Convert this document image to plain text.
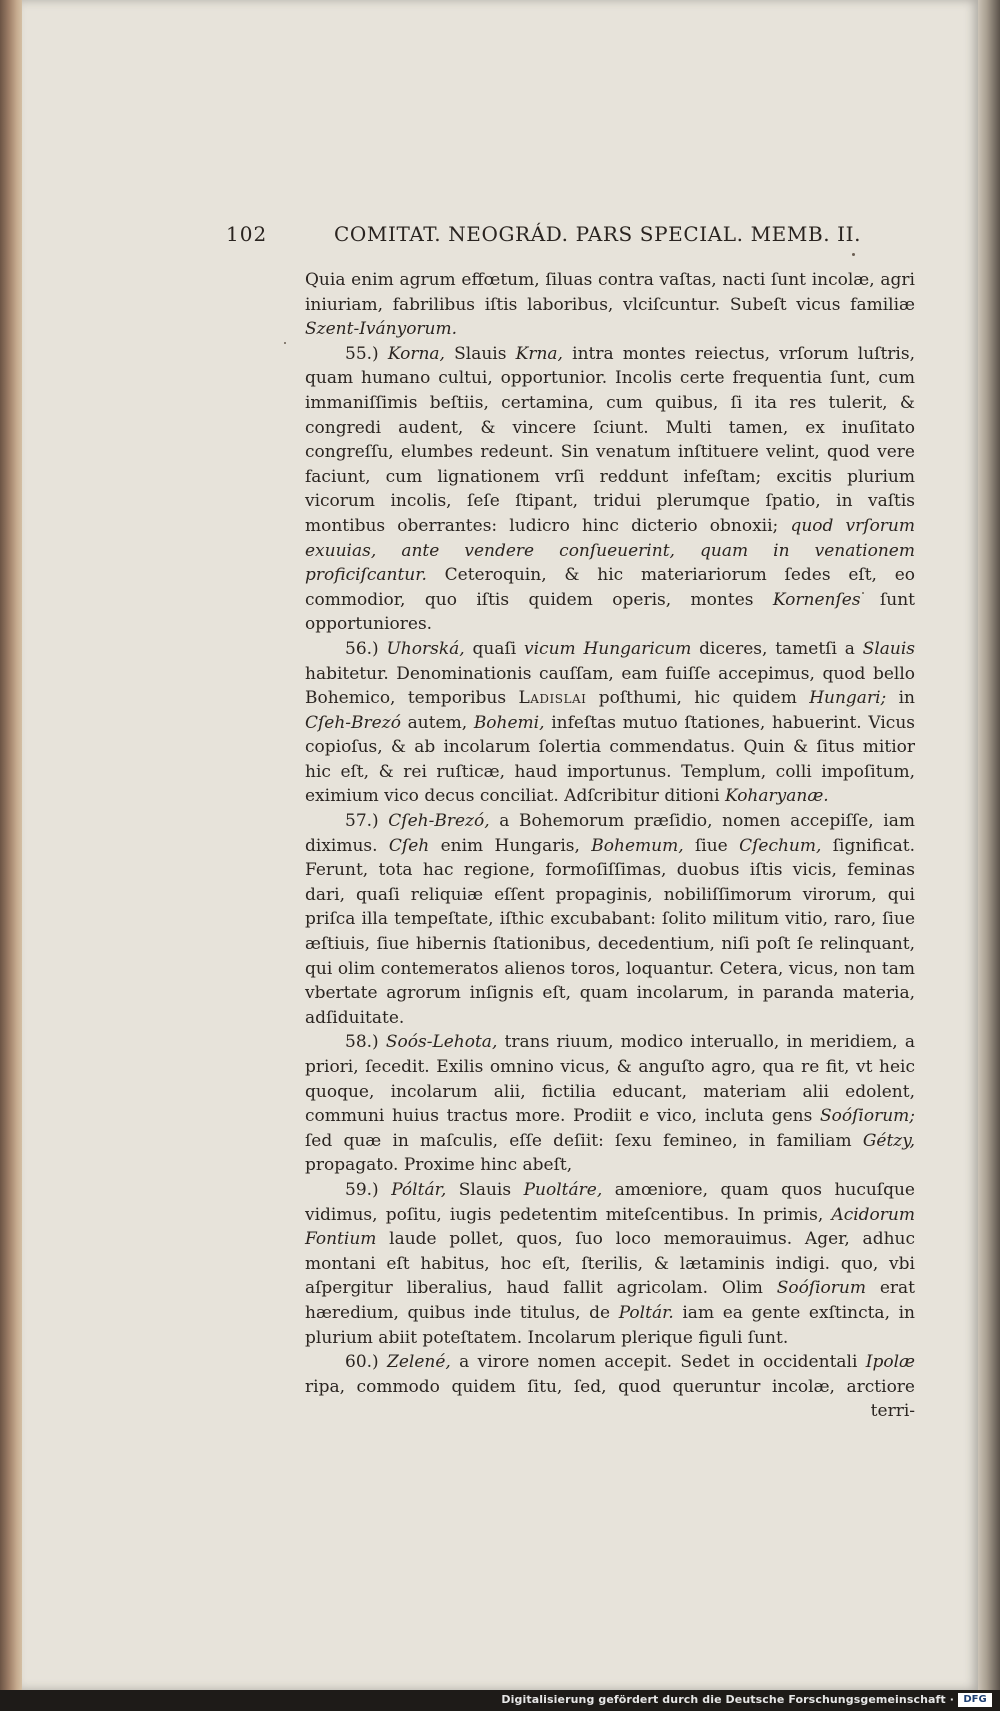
102	COMITAT. NEOGRÁD. PARS SPECIAL. MEMB. II.

Quia enim agrum effœtum, ſiluas contra vaſtas, nacti ſunt incolæ, agri iniuriam, fabrilibus iſtis laboribus, vlciſcuntur. Subeſt vicus familiæ Szent-Iványorum.

55.) Korna, Slauis Krna, intra montes reiectus, vrſorum luſtris, quam humano cultui, opportunior. Incolis certe frequentia ſunt, cum immaniſſimis beſtiis, certamina, cum quibus, ſi ita res tulerit, & congredi audent, & vincere ſciunt. Multi tamen, ex inuſitato congreſſu, elumbes redeunt. Sin venatum inſtituere velint, quod vere faciunt, cum lignationem vrſi reddunt infeſtam; excitis plurium vicorum incolis, ſeſe ſtipant, tridui plerumque ſpatio, in vaſtis montibus oberrantes: ludicro hinc dicterio obnoxii; quod vrſorum exuuias, ante vendere conſueuerint, quam in venationem proficiſcantur. Ceteroquin, & hic materiariorum ſedes eſt, eo commodior, quo iſtis quidem operis, montes Kornenſes ſunt opportuniores.

56.) Uhorská, quaſi vicum Hungaricum diceres, tametſi a Slauis habitetur. Denominationis cauſſam, eam fuiſſe accepimus, quod bello Bohemico, temporibus Ladislai poſthumi, hic quidem Hungari; in Cſeh-Brezó autem, Bohemi, infeſtas mutuo ſtationes, habuerint. Vicus copioſus, & ab incolarum ſolertia commendatus. Quin & ſitus mitior hic eſt, & rei ruſticæ, haud importunus. Templum, colli impoſitum, eximium vico decus conciliat. Adſcribitur ditioni Koharyanæ.

57.) Cſeh-Brezó, a Bohemorum præſidio, nomen accepiſſe, iam diximus. Cſeh enim Hungaris, Bohemum, ſiue Cſechum, ſignificat. Ferunt, tota hac regione, formoſiſſimas, duobus iſtis vicis, feminas dari, quaſi reliquiæ eſſent propaginis, nobiliſſimorum virorum, qui priſca illa tempeſtate, iſthic excubabant: ſolito militum vitio, raro, ſiue æſtiuis, ſiue hibernis ſtationibus, decedentium, niſi poſt ſe relinquant, qui olim contemeratos alienos toros, loquantur. Cetera, vicus, non tam vbertate agrorum inſignis eſt, quam incolarum, in paranda materia, adſiduitate.

58.) Soós-Lehota, trans riuum, modico interuallo, in meridiem, a priori, ſecedit. Exilis omnino vicus, & anguſto agro, qua re fit, vt heic quoque, incolarum alii, fictilia educant, materiam alii edolent, communi huius tractus more. Prodiit e vico, incluta gens Soóſiorum; ſed quæ in maſculis, eſſe deſiit: ſexu femineo, in familiam Gétzy, propagato. Proxime hinc abeſt,

59.) Póltár, Slauis Puoltáre, amœniore, quam quos hucuſque vidimus, poſitu, iugis pedetentim miteſcentibus. In primis, Acidorum Fontium laude pollet, quos, ſuo loco memorauimus. Ager, adhuc montani eſt habitus, hoc eſt, ſterilis, & lætaminis indigi. quo, vbi aſpergitur liberalius, haud fallit agricolam. Olim Soóſiorum erat hæredium, quibus inde titulus, de Poltár. iam ea gente exſtincta, in plurium abiit poteſtatem. Incolarum plerique figuli ſunt.

60.) Zelené, a virore nomen accepit. Sedet in occidentali Ipolæ ripa, commodo quidem ſitu, ſed, quod queruntur incolæ, arctiore

terri-

Digitalisierung gefördert durch die Deutsche Forschungsgemeinschaft · DFG
